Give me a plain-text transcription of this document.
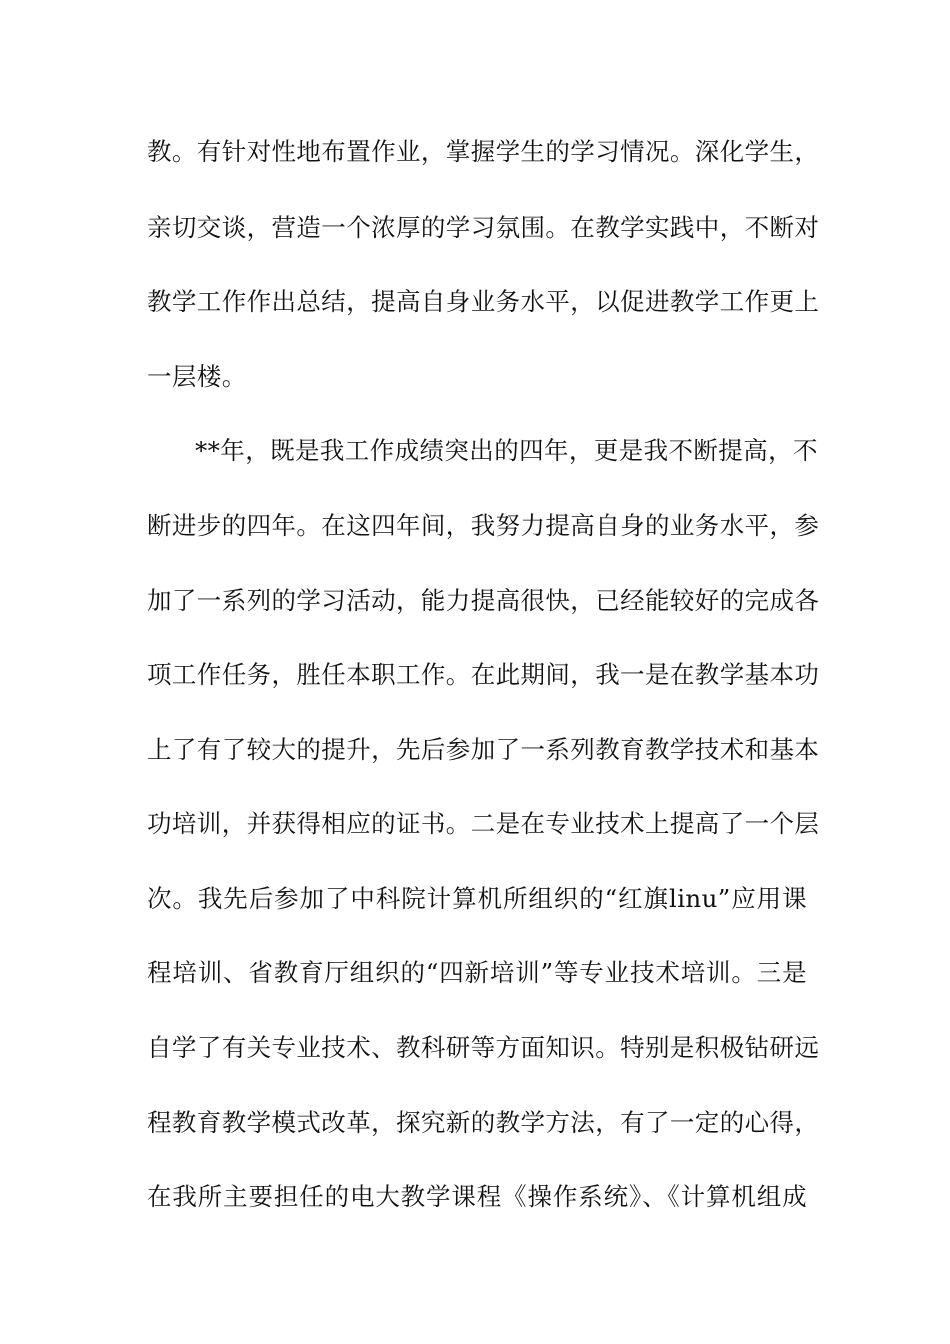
教。有针对性地布置作业，掌握学生的学习情况。深化学生，
亲切交谈，营造一个浓厚的学习氛围。在教学实践中，不断对
教学工作作出总结，提高自身业务水平，以促进教学工作更上
一层楼。
**年，既是我工作成绩突出的四年，更是我不断提高，不
断进步的四年。在这四年间，我努力提高自身的业务水平，参
加了一系列的学习活动，能力提高很快，已经能较好的完成各
项工作任务，胜任本职工作。在此期间，我一是在教学基本功
上了有了较大的提升，先后参加了一系列教育教学技术和基本
功培训，并获得相应的证书。二是在专业技术上提高了一个层
次。我先后参加了中科院计算机所组织的“红旗linu”应用课
程培训、省教育厅组织的“四新培训”等专业技术培训。三是
自学了有关专业技术、教科研等方面知识。特别是积极钻研远
程教育教学模式改革，探究新的教学方法，有了一定的心得，
在我所主要担任的电大教学课程《操作系统》、《计算机组成
